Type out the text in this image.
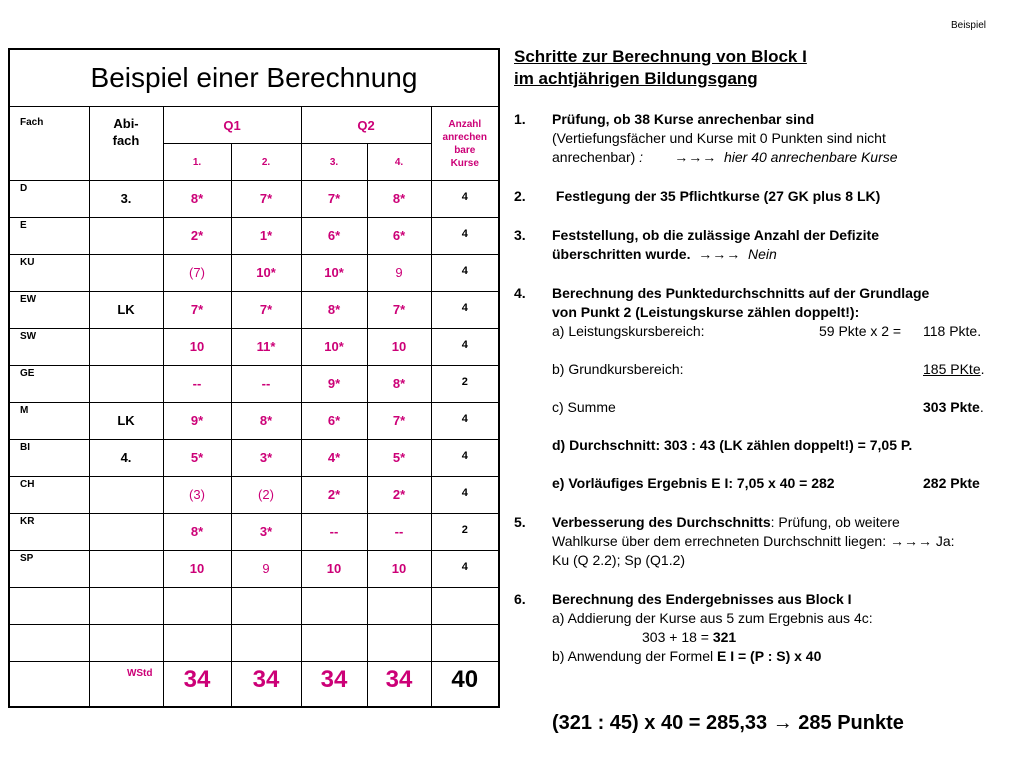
Beispiel
Beispiel einer Berechnung						
Fach	Abi-
fach	Q1		Q2		Anzahl
anrechen
bare
Kurse
		1.	2.	3.	4.	
D	3.	8*	7*	7*	8*	4
E		2*	1*	6*	6*	4
KU		(7)	10*	10*	9	4
EW	LK	7*	7*	8*	7*	4
SW		10	11*	10*	10	4
GE		--	--	9*	8*	2
M	LK	9*	8*	6*	7*	4
BI	4.	5*	3*	4*	5*	4
CH		(3)	(2)	2*	2*	4
KR		8*	3*	--	--	2
SP		10	9	10	10	4

	WStd	34	34	34	34	40
Schritte zur Berechnung von Block I
im achtjährigen Bildungsgang
1. Prüfung, ob 38 Kurse anrechenbar sind
(Vertiefungsfächer und Kurse mit 0 Punkten sind nicht
anrechenbar) : →→→ hier 40 anrechenbare Kurse
2. Festlegung der 35 Pflichtkurse (27 GK plus 8 LK)
3. Feststellung, ob die zulässige Anzahl der Defizite
überschritten wurde. →→→ Nein
4. Berechnung des Punktedurchschnitts auf der Grundlage
von Punkt 2 (Leistungskurse zählen doppelt!):

a) Leistungskursbereich:	59 Pkte x 2 = 118 Pkte.

b) Grundkursbereich:	185 PKte.

c) Summe	303 Pkte.

d) Durchschnitt: 303 : 43 (LK zählen doppelt!) = 7,05 P.
e) Vorläufiges Ergebnis E I: 7,05 x 40 = 282	282 Pkte

5. Verbesserung des Durchschnitts: Prüfung, ob weitere
Wahlkurse über dem errechneten Durchschnitt liegen: →→→ Ja:
Ku (Q 2.2); Sp (Q1.2)
6. Berechnung des Endergebnisses aus Block I
a) Addierung der Kurse aus 5 zum Ergebnis aus 4c:
303 + 18 = 321
b) Anwendung der Formel E I = (P : S) x 40
(321 : 45) x 40 = 285,33 → 285 Punkte
